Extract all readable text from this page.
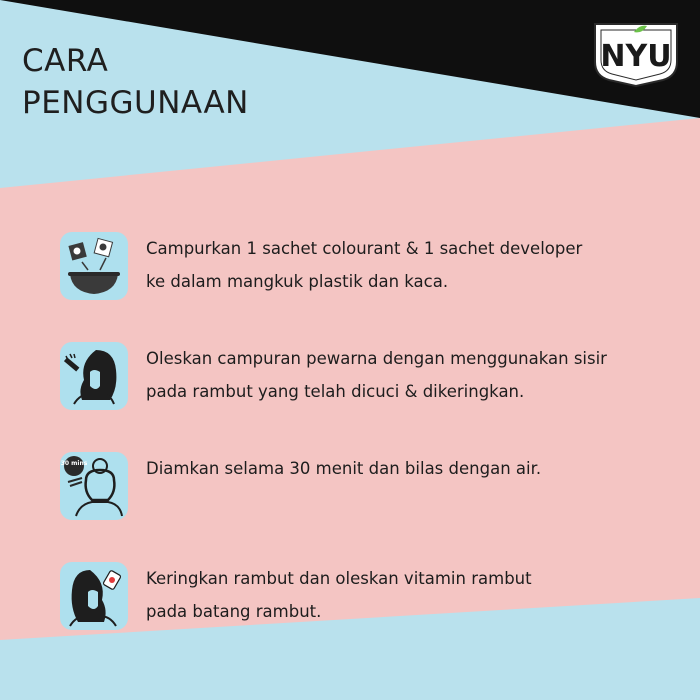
CARA
PENGGUNAAN
NYU
Campurkan 1 sachet colourant & 1 sachet developer
ke dalam mangkuk plastik dan kaca.
Oleskan campuran pewarna dengan menggunakan sisir
pada rambut yang telah dicuci & dikeringkan.
30 mins	Diamkan selama 30 menit dan bilas dengan air.
Keringkan rambut dan oleskan vitamin rambut
pada batang rambut.
